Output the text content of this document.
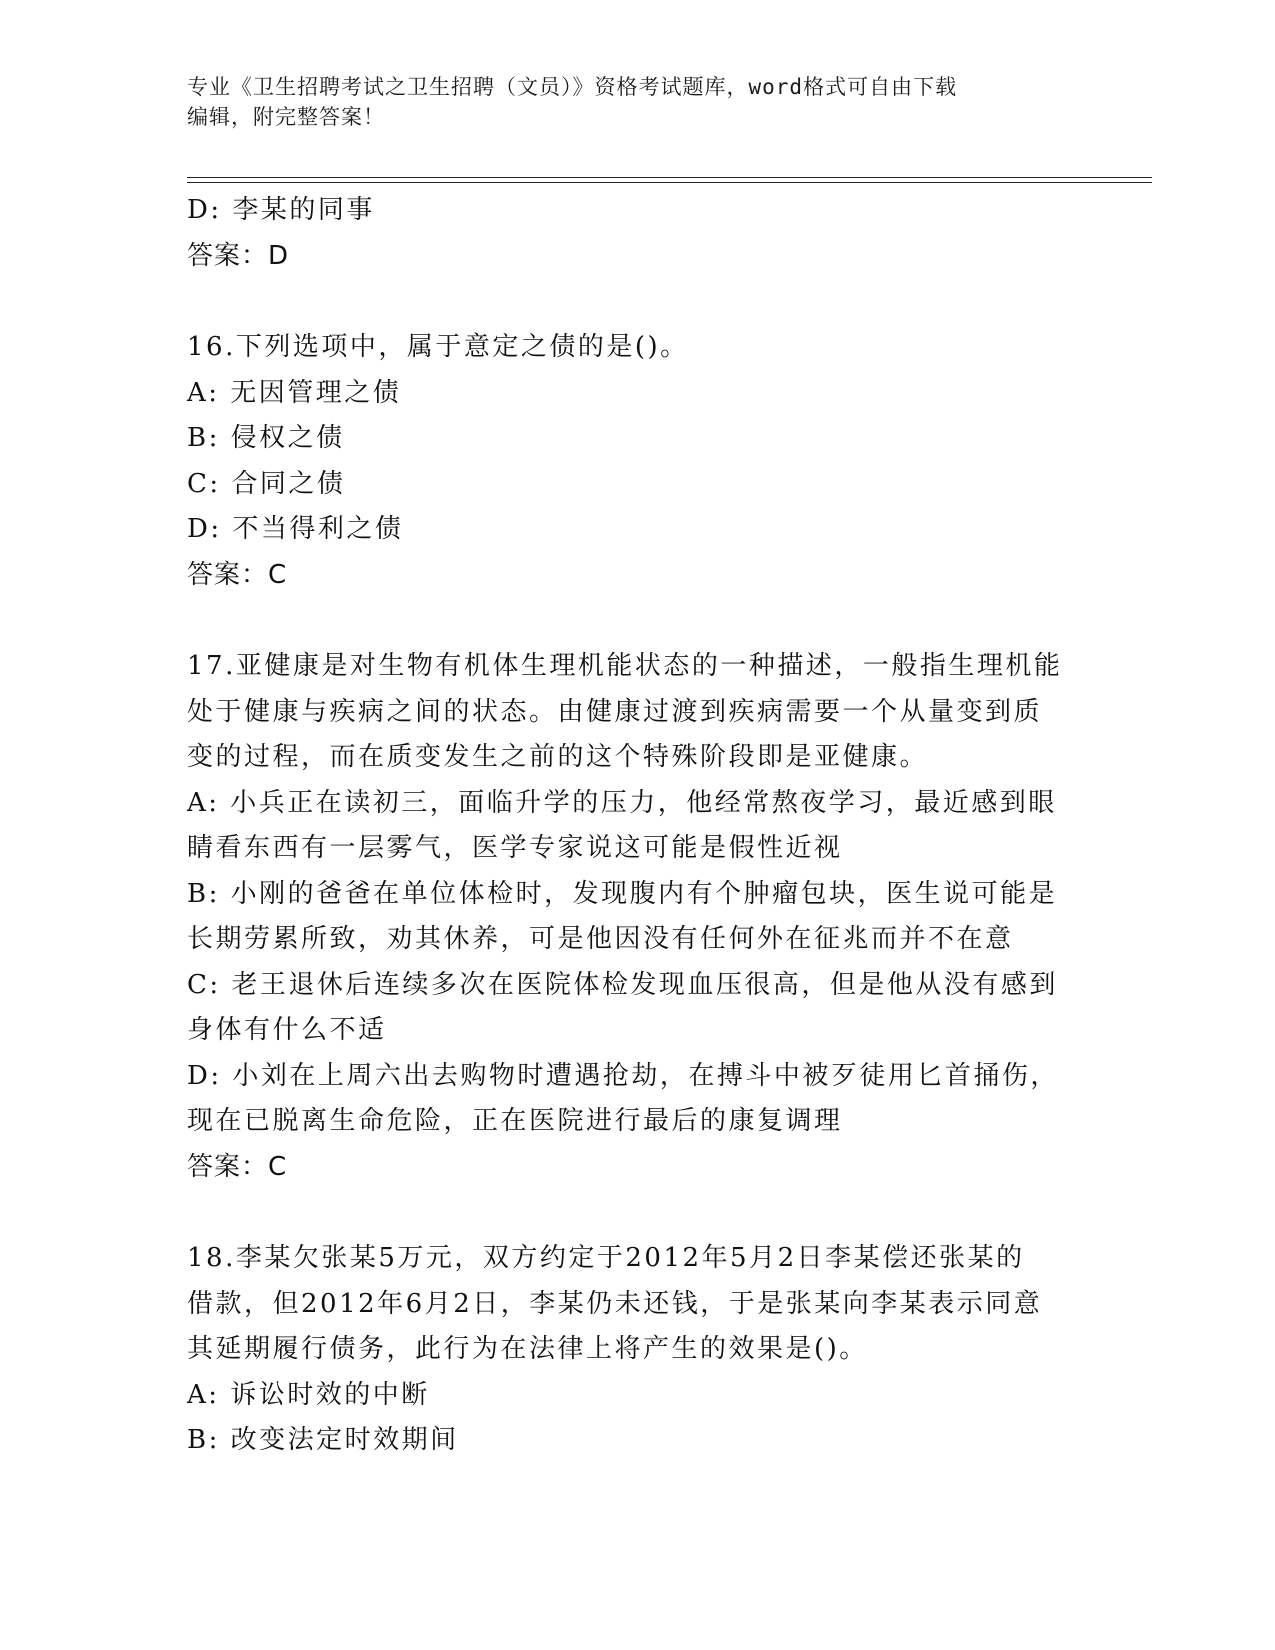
专业《卫生招聘考试之卫生招聘（文员）》资格考试题库，word格式可自由下载
编辑，附完整答案！
D: 李某的同事
答案：D
16.下列选项中，属于意定之债的是()。
A: 无因管理之债
B: 侵权之债
C: 合同之债
D: 不当得利之债
答案：C
17.亚健康是对生物有机体生理机能状态的一种描述，一般指生理机能
处于健康与疾病之间的状态。由健康过渡到疾病需要一个从量变到质
变的过程，而在质变发生之前的这个特殊阶段即是亚健康。
A: 小兵正在读初三，面临升学的压力，他经常熬夜学习，最近感到眼
睛看东西有一层雾气，医学专家说这可能是假性近视
B: 小刚的爸爸在单位体检时，发现腹内有个肿瘤包块，医生说可能是
长期劳累所致，劝其休养，可是他因没有任何外在征兆而并不在意
C: 老王退休后连续多次在医院体检发现血压很高，但是他从没有感到
身体有什么不适
D: 小刘在上周六出去购物时遭遇抢劫，在搏斗中被歹徒用匕首捅伤，
现在已脱离生命危险，正在医院进行最后的康复调理
答案：C
18.李某欠张某5万元，双方约定于2012年5月2日李某偿还张某的
借款，但2012年6月2日，李某仍未还钱，于是张某向李某表示同意
其延期履行债务，此行为在法律上将产生的效果是()。
A: 诉讼时效的中断
B: 改变法定时效期间
